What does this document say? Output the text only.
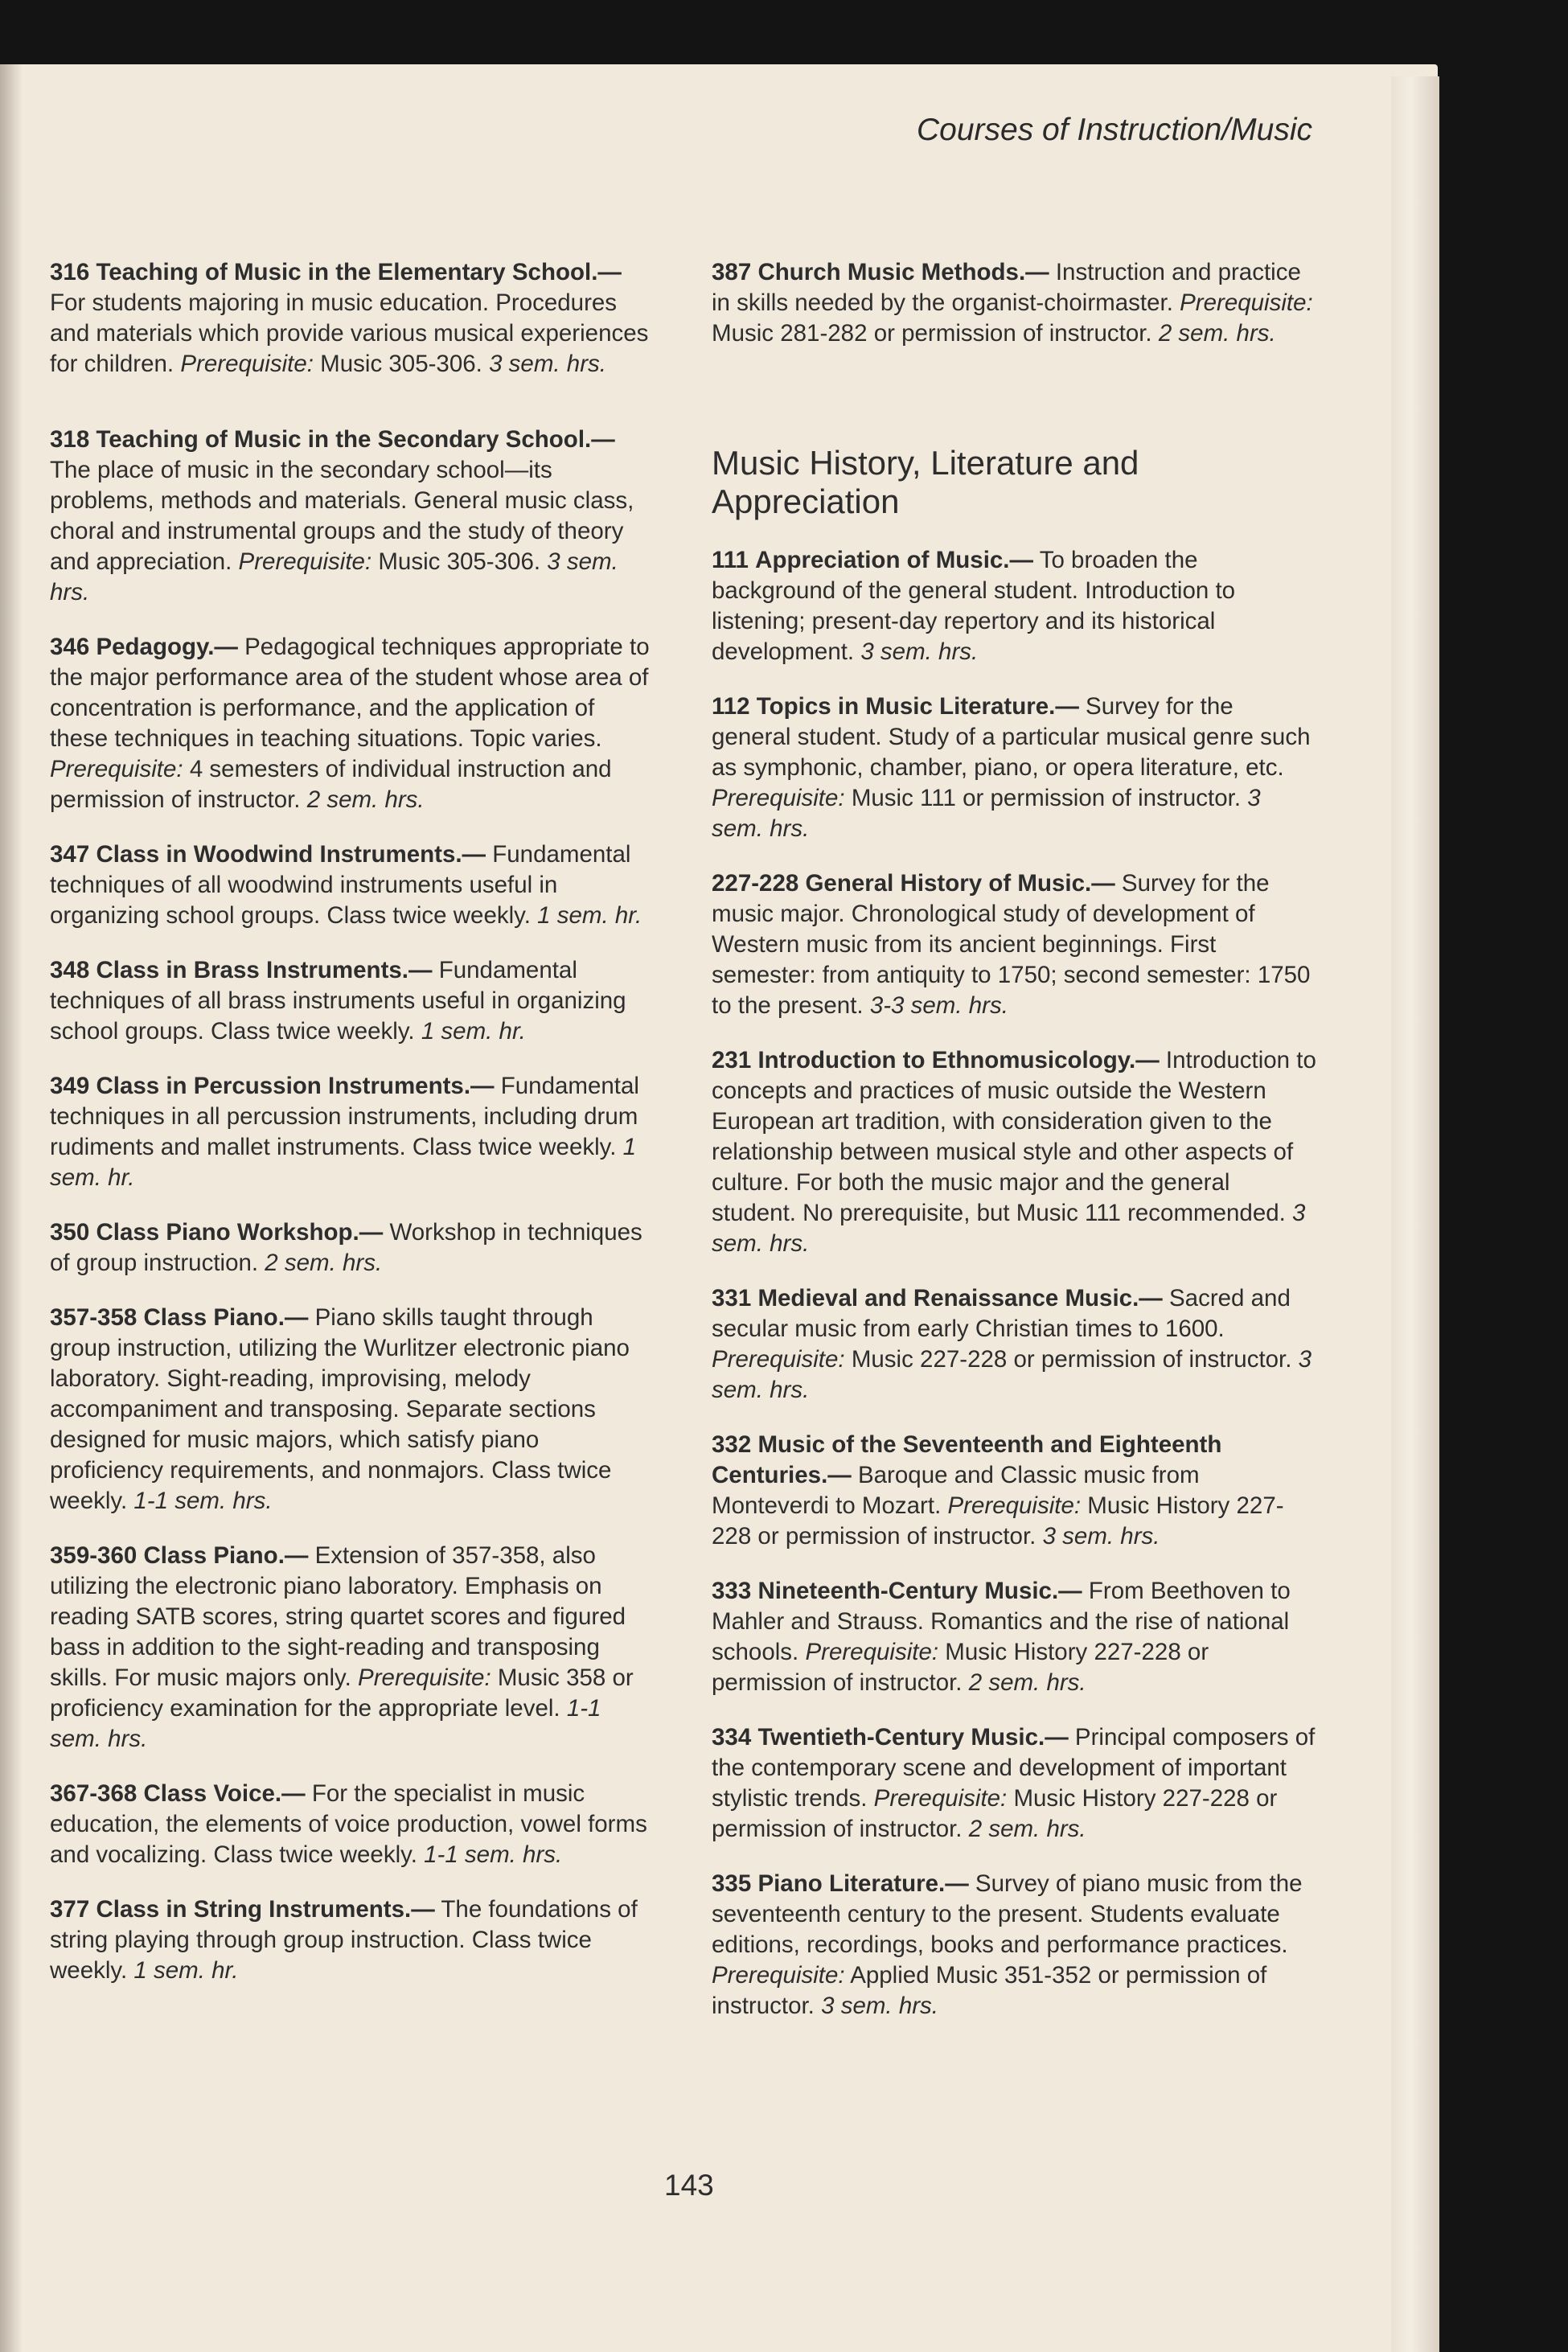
Courses of Instruction/Music

316 Teaching of Music in the Elementary School.— For students majoring in music education. Procedures and materials which provide various musical experiences for children. Prerequisite: Music 305-306. 3 sem. hrs.

318 Teaching of Music in the Secondary School.— The place of music in the secondary school—its problems, methods and materials. General music class, choral and instrumental groups and the study of theory and appreciation. Prerequisite: Music 305-306. 3 sem. hrs.

346 Pedagogy.— Pedagogical techniques appropriate to the major performance area of the student whose area of concentration is performance, and the application of these techniques in teaching situations. Topic varies. Prerequisite: 4 semesters of individual instruction and permission of instructor. 2 sem. hrs.

347 Class in Woodwind Instruments.— Fundamental techniques of all woodwind instruments useful in organizing school groups. Class twice weekly. 1 sem. hr.

348 Class in Brass Instruments.— Fundamental techniques of all brass instruments useful in organizing school groups. Class twice weekly. 1 sem. hr.

349 Class in Percussion Instruments.— Fundamental techniques in all percussion instruments, including drum rudiments and mallet instruments. Class twice weekly. 1 sem. hr.

350 Class Piano Workshop.— Workshop in techniques of group instruction. 2 sem. hrs.

357-358 Class Piano.— Piano skills taught through group instruction, utilizing the Wurlitzer electronic piano laboratory. Sight-reading, improvising, melody accompaniment and transposing. Separate sections designed for music majors, which satisfy piano proficiency requirements, and nonmajors. Class twice weekly. 1-1 sem. hrs.

359-360 Class Piano.— Extension of 357-358, also utilizing the electronic piano laboratory. Emphasis on reading SATB scores, string quartet scores and figured bass in addition to the sight-reading and transposing skills. For music majors only. Prerequisite: Music 358 or proficiency examination for the appropriate level. 1-1 sem. hrs.

367-368 Class Voice.— For the specialist in music education, the elements of voice production, vowel forms and vocalizing. Class twice weekly. 1-1 sem. hrs.

377 Class in String Instruments.— The foundations of string playing through group instruction. Class twice weekly. 1 sem. hr.

387 Church Music Methods.— Instruction and practice in skills needed by the organist-choirmaster. Prerequisite: Music 281-282 or permission of instructor. 2 sem. hrs.

Music History, Literature and Appreciation

111 Appreciation of Music.— To broaden the background of the general student. Introduction to listening; present-day repertory and its historical development. 3 sem. hrs.

112 Topics in Music Literature.— Survey for the general student. Study of a particular musical genre such as symphonic, chamber, piano, or opera literature, etc. Prerequisite: Music 111 or permission of instructor. 3 sem. hrs.

227-228 General History of Music.— Survey for the music major. Chronological study of development of Western music from its ancient beginnings. First semester: from antiquity to 1750; second semester: 1750 to the present. 3-3 sem. hrs.

231 Introduction to Ethnomusicology.— Introduction to concepts and practices of music outside the Western European art tradition, with consideration given to the relationship between musical style and other aspects of culture. For both the music major and the general student. No prerequisite, but Music 111 recommended. 3 sem. hrs.

331 Medieval and Renaissance Music.— Sacred and secular music from early Christian times to 1600. Prerequisite: Music 227-228 or permission of instructor. 3 sem. hrs.

332 Music of the Seventeenth and Eighteenth Centuries.— Baroque and Classic music from Monteverdi to Mozart. Prerequisite: Music History 227-228 or permission of instructor. 3 sem. hrs.

333 Nineteenth-Century Music.— From Beethoven to Mahler and Strauss. Romantics and the rise of national schools. Prerequisite: Music History 227-228 or permission of instructor. 2 sem. hrs.

334 Twentieth-Century Music.— Principal composers of the contemporary scene and development of important stylistic trends. Prerequisite: Music History 227-228 or permission of instructor. 2 sem. hrs.

335 Piano Literature.— Survey of piano music from the seventeenth century to the present. Students evaluate editions, recordings, books and performance practices. Prerequisite: Applied Music 351-352 or permission of instructor. 3 sem. hrs.

143
